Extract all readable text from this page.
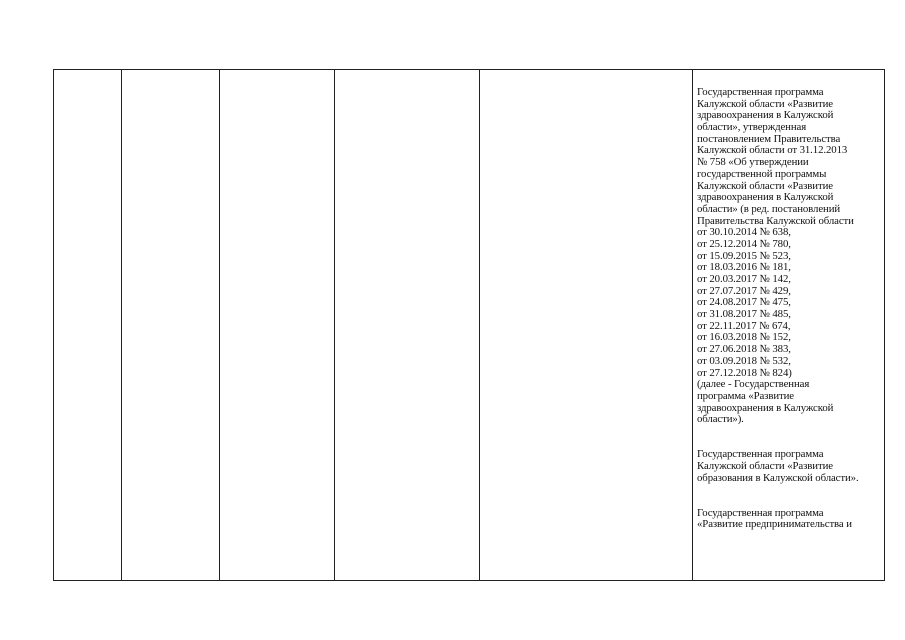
Государственная программа
Калужской области «Развитие
здравоохранения в Калужской
области», утвержденная
постановлением Правительства
Калужской области от 31.12.2013
№ 758 «Об утверждении
государственной программы
Калужской области «Развитие
здравоохранения в Калужской
области» (в ред. постановлений
Правительства Калужской области
от 30.10.2014 № 638,
от 25.12.2014 № 780,
от 15.09.2015 № 523,
от 18.03.2016 № 181,
от 20.03.2017 № 142,
от 27.07.2017 № 429,
от 24.08.2017 № 475,
от 31.08.2017 № 485,
от 22.11.2017 № 674,
от 16.03.2018 № 152,
от 27.06.2018 № 383,
от 03.09.2018 № 532,
от 27.12.2018 № 824)
(далее - Государственная
программа «Развитие
здравоохранения в Калужской
области»).
Государственная программа
Калужской области «Развитие
образования в Калужской области».
Государственная программа
«Развитие предпринимательства и
